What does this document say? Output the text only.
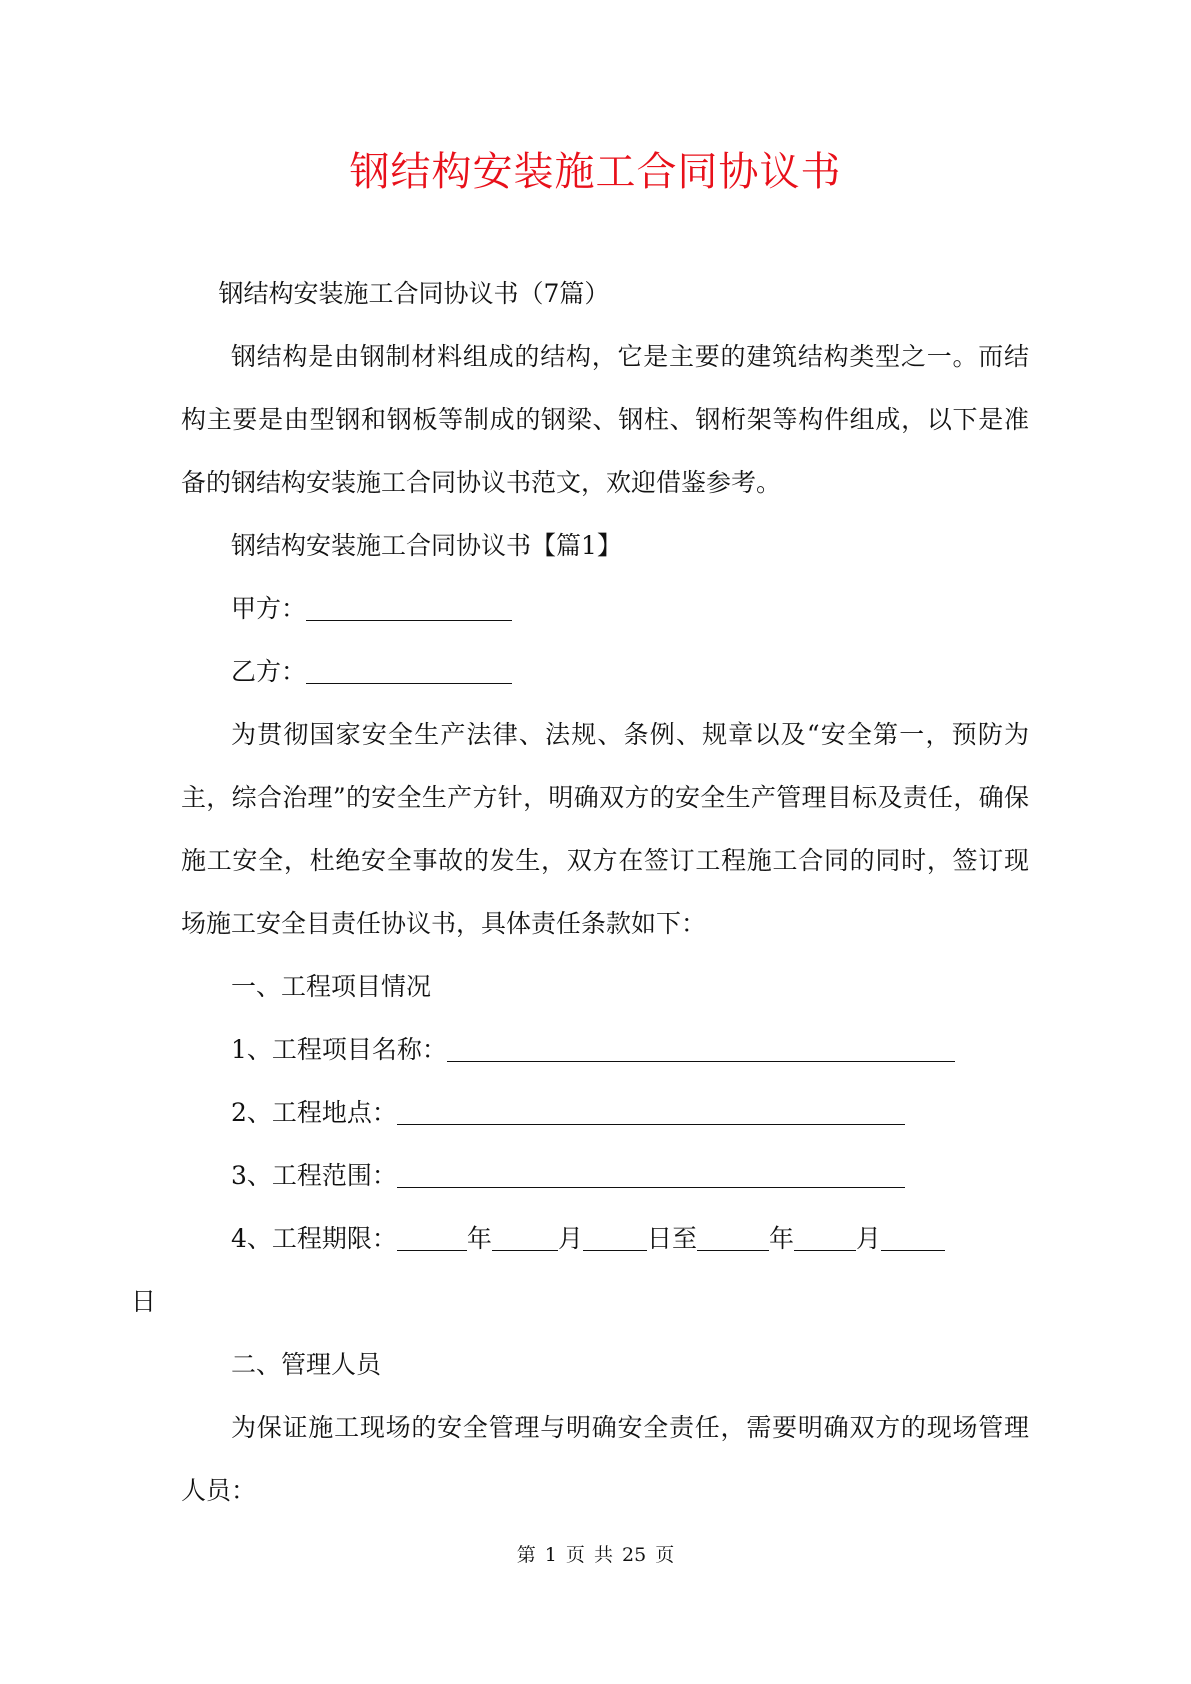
钢结构安装施工合同协议书

钢结构安装施工合同协议书（7篇）

钢结构是由钢制材料组成的结构，它是主要的建筑结构类型之一。而结构主要是由型钢和钢板等制成的钢梁、钢柱、钢桁架等构件组成，以下是准备的钢结构安装施工合同协议书范文，欢迎借鉴参考。

钢结构安装施工合同协议书【篇1】

甲方：

乙方：

为贯彻国家安全生产法律、法规、条例、规章以及“安全第一，预防为主，综合治理”的安全生产方针，明确双方的安全生产管理目标及责任，确保施工安全，杜绝安全事故的发生，双方在签订工程施工合同的同时，签订现场施工安全目责任协议书，具体责任条款如下：

一、工程项目情况

1、工程项目名称：

2、工程地点：

3、工程范围：

4、工程期限：	年	月	日至	年 月
日

二、管理人员

为保证施工现场的安全管理与明确安全责任，需要明确双方的现场管理人员：

第 1 页 共 25 页
